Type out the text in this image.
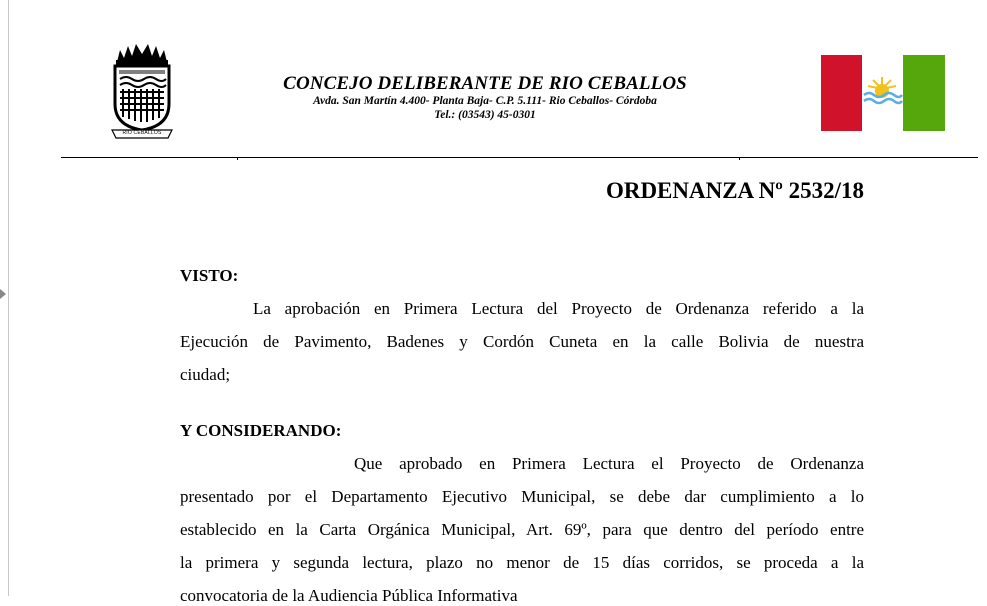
RIO CEBALLOS
CONCEJO DELIBERANTE DE RIO CEBALLOS
Avda. San Martín 4.400- Planta Baja- C.P. 5.111- Rio Ceballos- Córdoba
Tel.: (03543) 45-0301
ORDENANZA Nº 2532/18
VISTO:
La aprobación en Primera Lectura del Proyecto de Ordenanza referido a la
Ejecución de Pavimento, Badenes y Cordón Cuneta en la calle Bolivia de nuestra
ciudad;
Y CONSIDERANDO:
Que aprobado en Primera Lectura el Proyecto de Ordenanza
presentado por el Departamento Ejecutivo Municipal, se debe dar cumplimiento a lo
establecido en la Carta Orgánica Municipal, Art. 69º, para que dentro del período entre
la primera y segunda lectura, plazo no menor de 15 días corridos, se proceda a la
convocatoria de la Audiencia Pública Informativa
